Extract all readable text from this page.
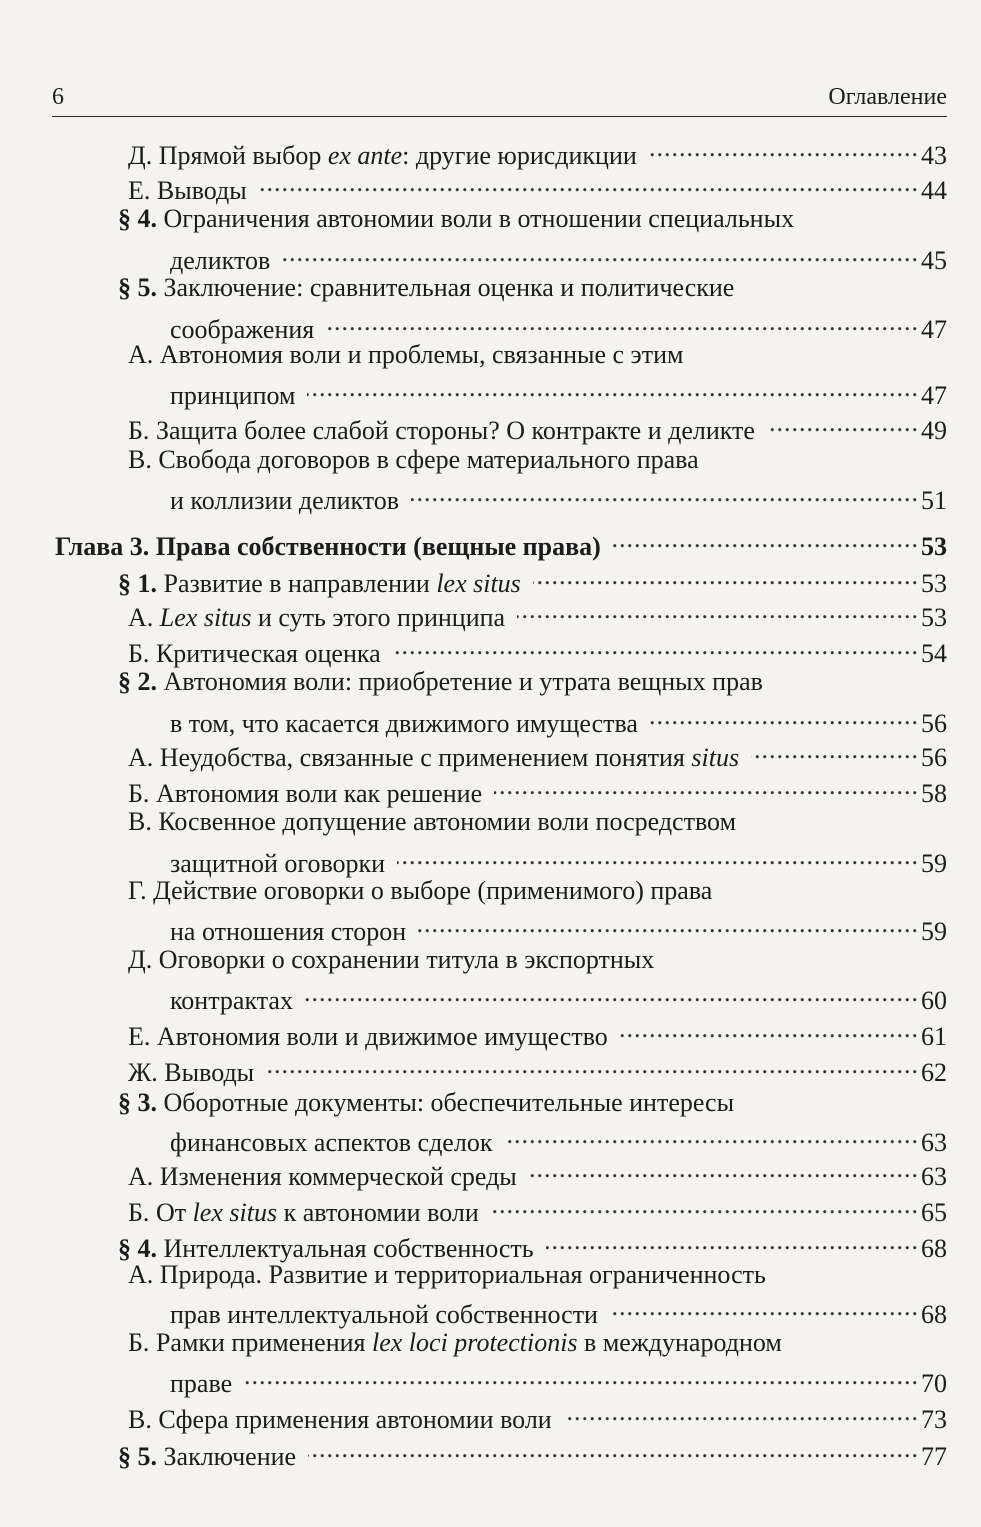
6	Оглавление
Д. Прямой выбор ex ante: другие юрисдикции .....	43
Е. Выводы .....	44
§ 4. Ограничения автономии воли в отношении специальных
деликтов .....	45
§ 5. Заключение: сравнительная оценка и политические
соображения .....	47
А. Автономия воли и проблемы, связанные с этим
принципом .....	47
Б. Защита более слабой стороны? О контракте и деликте .....	49
В. Свобода договоров в сфере материального права
и коллизии деликтов .....	51
Глава 3. Права собственности (вещные права) .....	53
§ 1. Развитие в направлении lex situs .....	53
А. Lex situs и суть этого принципа .....	53
Б. Критическая оценка .....	54
§ 2. Автономия воли: приобретение и утрата вещных прав
в том, что касается движимого имущества .....	56
А. Неудобства, связанные с применением понятия situs .....	56
Б. Автономия воли как решение .....	58
В. Косвенное допущение автономии воли посредством
защитной оговорки .....	59
Г. Действие оговорки о выборе (применимого) права
на отношения сторон .....	59
Д. Оговорки о сохранении титула в экспортных
контрактах .....	60
Е. Автономия воли и движимое имущество .....	61
Ж. Выводы .....	62
§ 3. Оборотные документы: обеспечительные интересы
финансовых аспектов сделок .....	63
А. Изменения коммерческой среды .....	63
Б. От lex situs к автономии воли .....	65
§ 4. Интеллектуальная собственность .....	68
А. Природа. Развитие и территориальная ограниченность
прав интеллектуальной собственности .....	68
Б. Рамки применения lex loci protectionis в международном
праве .....	70
В. Сфера применения автономии воли .....	73
§ 5. Заключение .....	77
